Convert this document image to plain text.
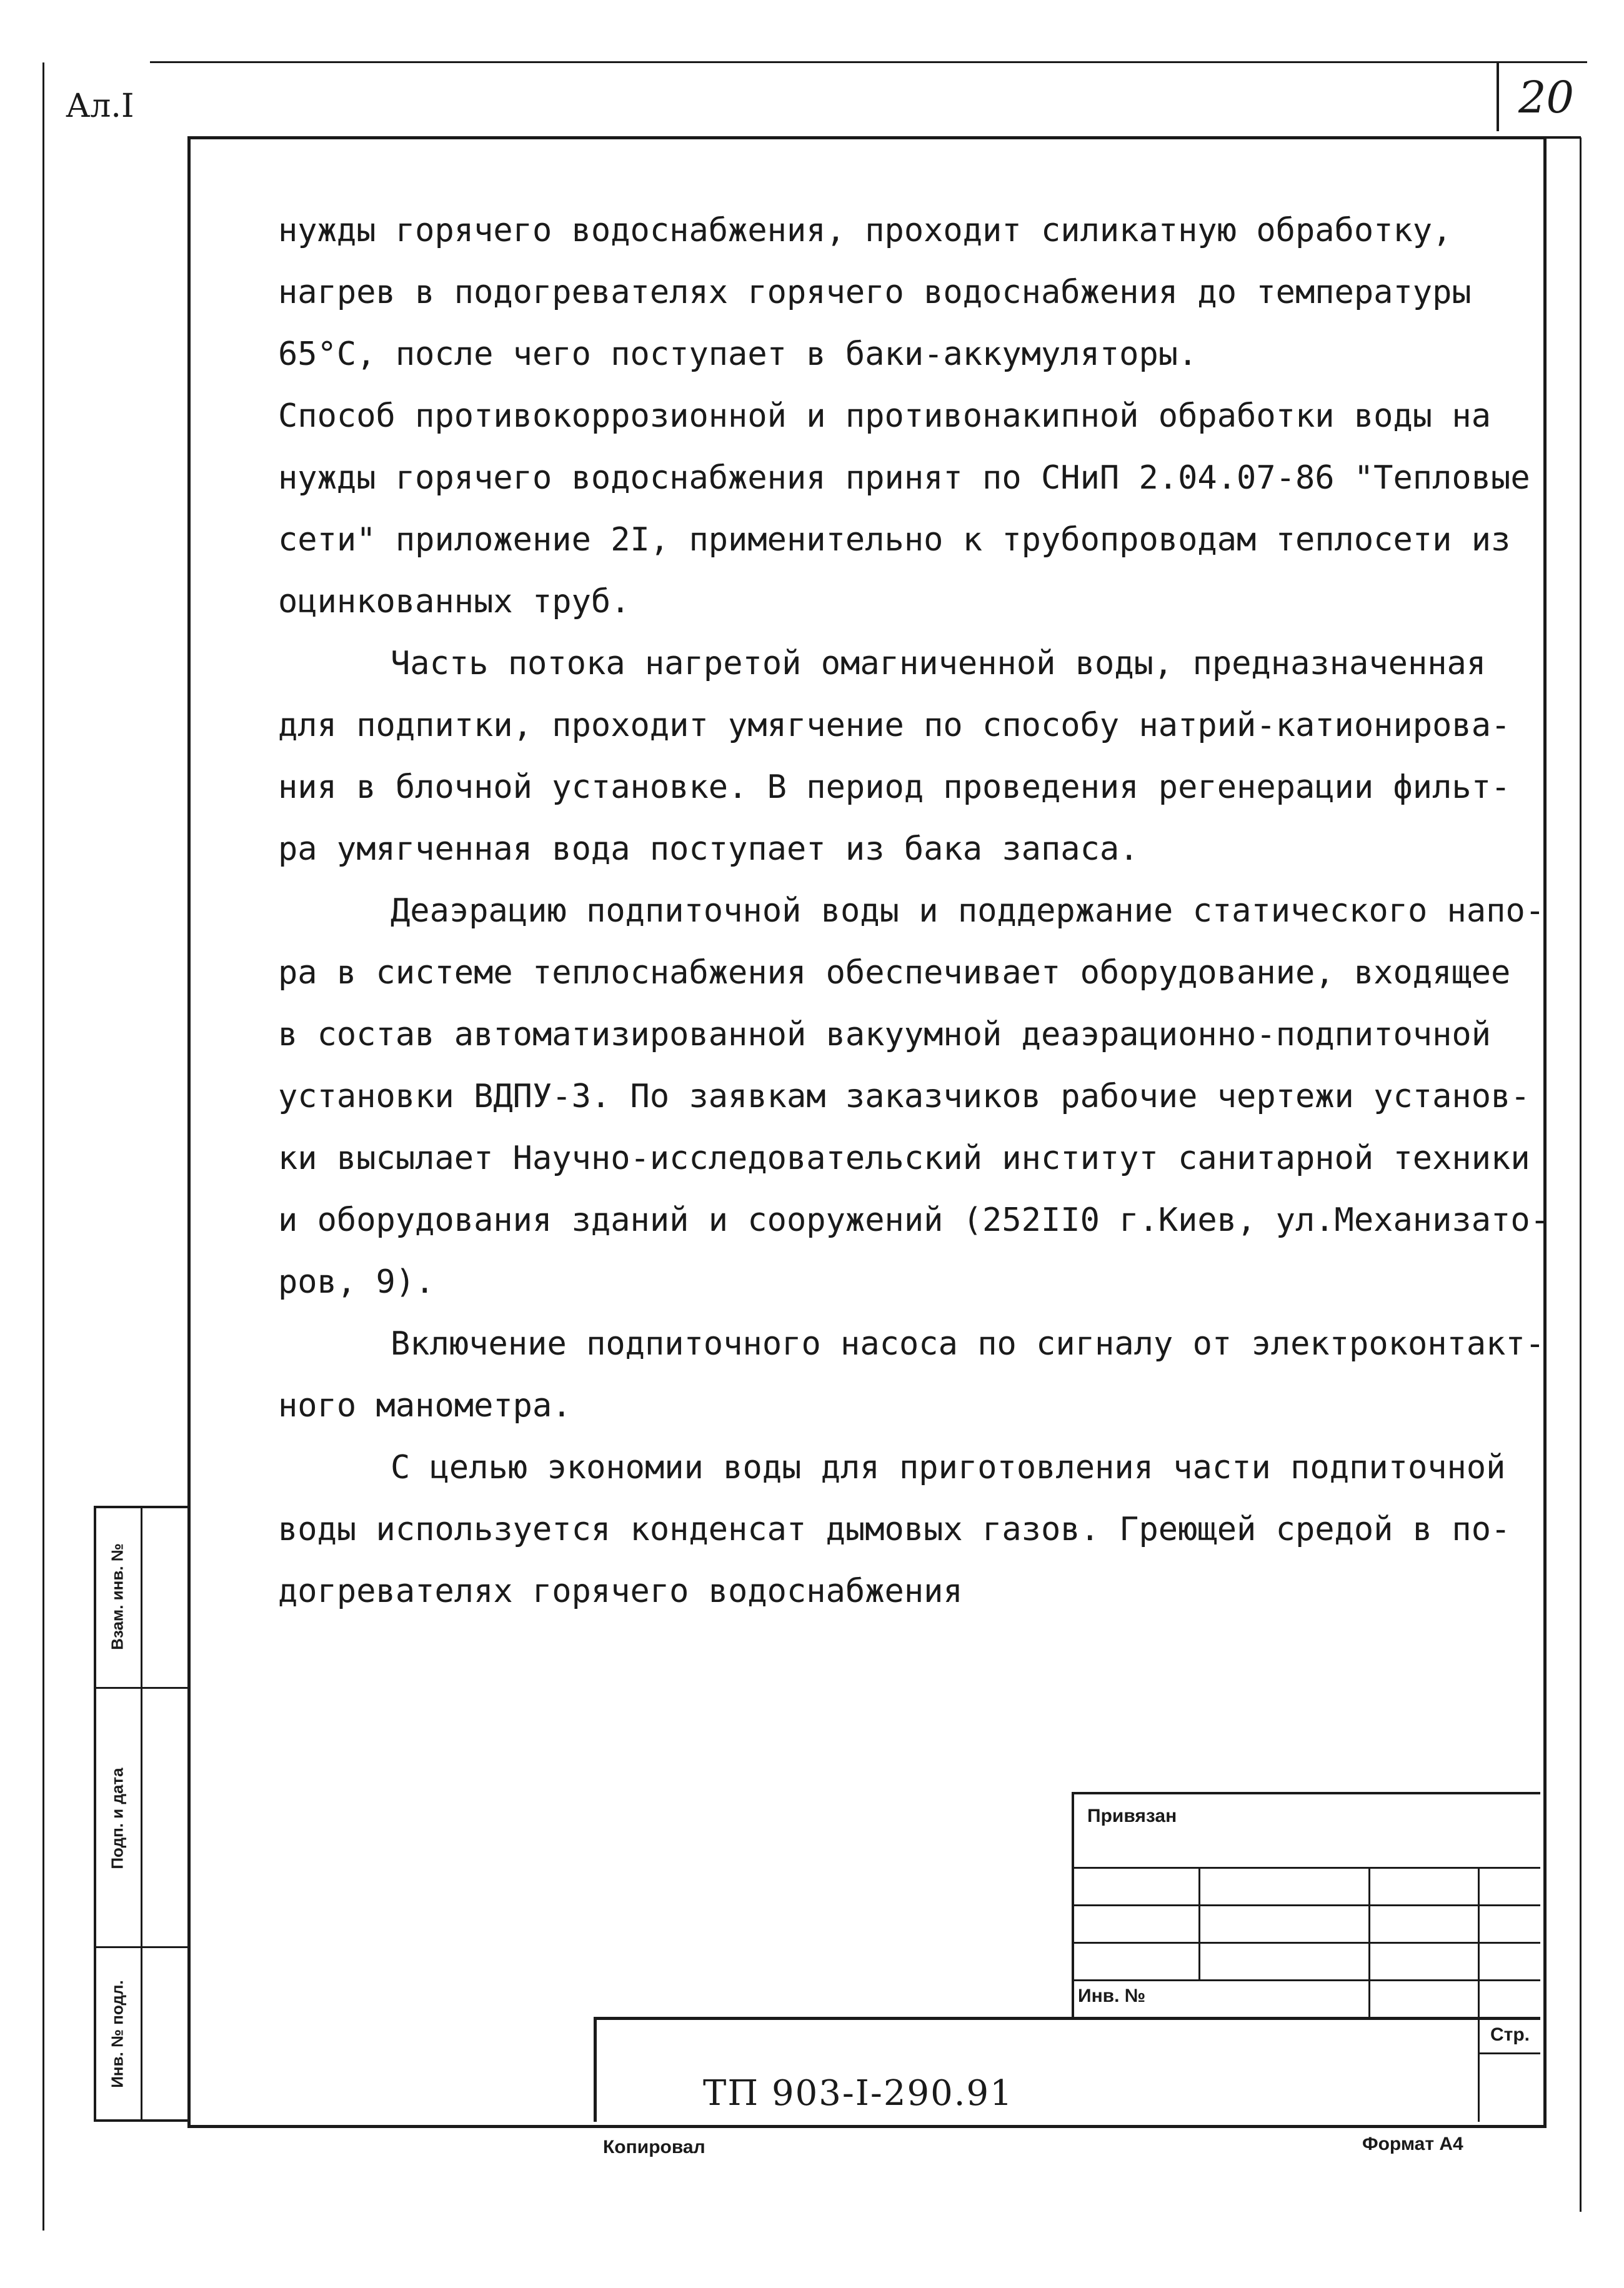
Ал.I	20

нужды горячего водоснабжения, проходит силикатную обработку,

нагрев в подогревателях горячего водоснабжения до температуры

65°С, после чего поступает в баки-аккумуляторы.

Способ противокоррозионной и противонакипной обработки воды на

нужды горячего водоснабжения принят по СНиП 2.04.07-86 "Тепловые

сети" приложение 2I, применительно к трубопроводам теплосети из

оцинкованных труб.

Часть потока нагретой омагниченной воды, предназначенная

для подпитки, проходит умягчение по способу натрий-катионирова-

ния в блочной установке. В период проведения регенерации фильт-

ра умягченная вода поступает из бака запаса.

Деаэрацию подпиточной воды и поддержание статического напо-

ра в системе теплоснабжения обеспечивает оборудование, входящее

в состав автоматизированной вакуумной деаэрационно-подпиточной

установки ВДПУ-3. По заявкам заказчиков рабочие чертежи установ-

ки высылает Научно-исследовательский институт санитарной техники

и оборудования зданий и сооружений (252II0 г.Киев, ул.Механизато-

ров, 9).

Включение подпиточного насоса по сигналу от электроконтакт-

ного манометра.

С целью экономии воды для приготовления части подпиточной

воды используется конденсат дымовых газов. Греющей средой в по-

догревателях горячего водоснабжения

Взам. инв. №
Подп. и дата
Инв. № подл.
Привязан
Инв. №
Стр.
ТП 903-I-290.91
Копировал	Формат А4
